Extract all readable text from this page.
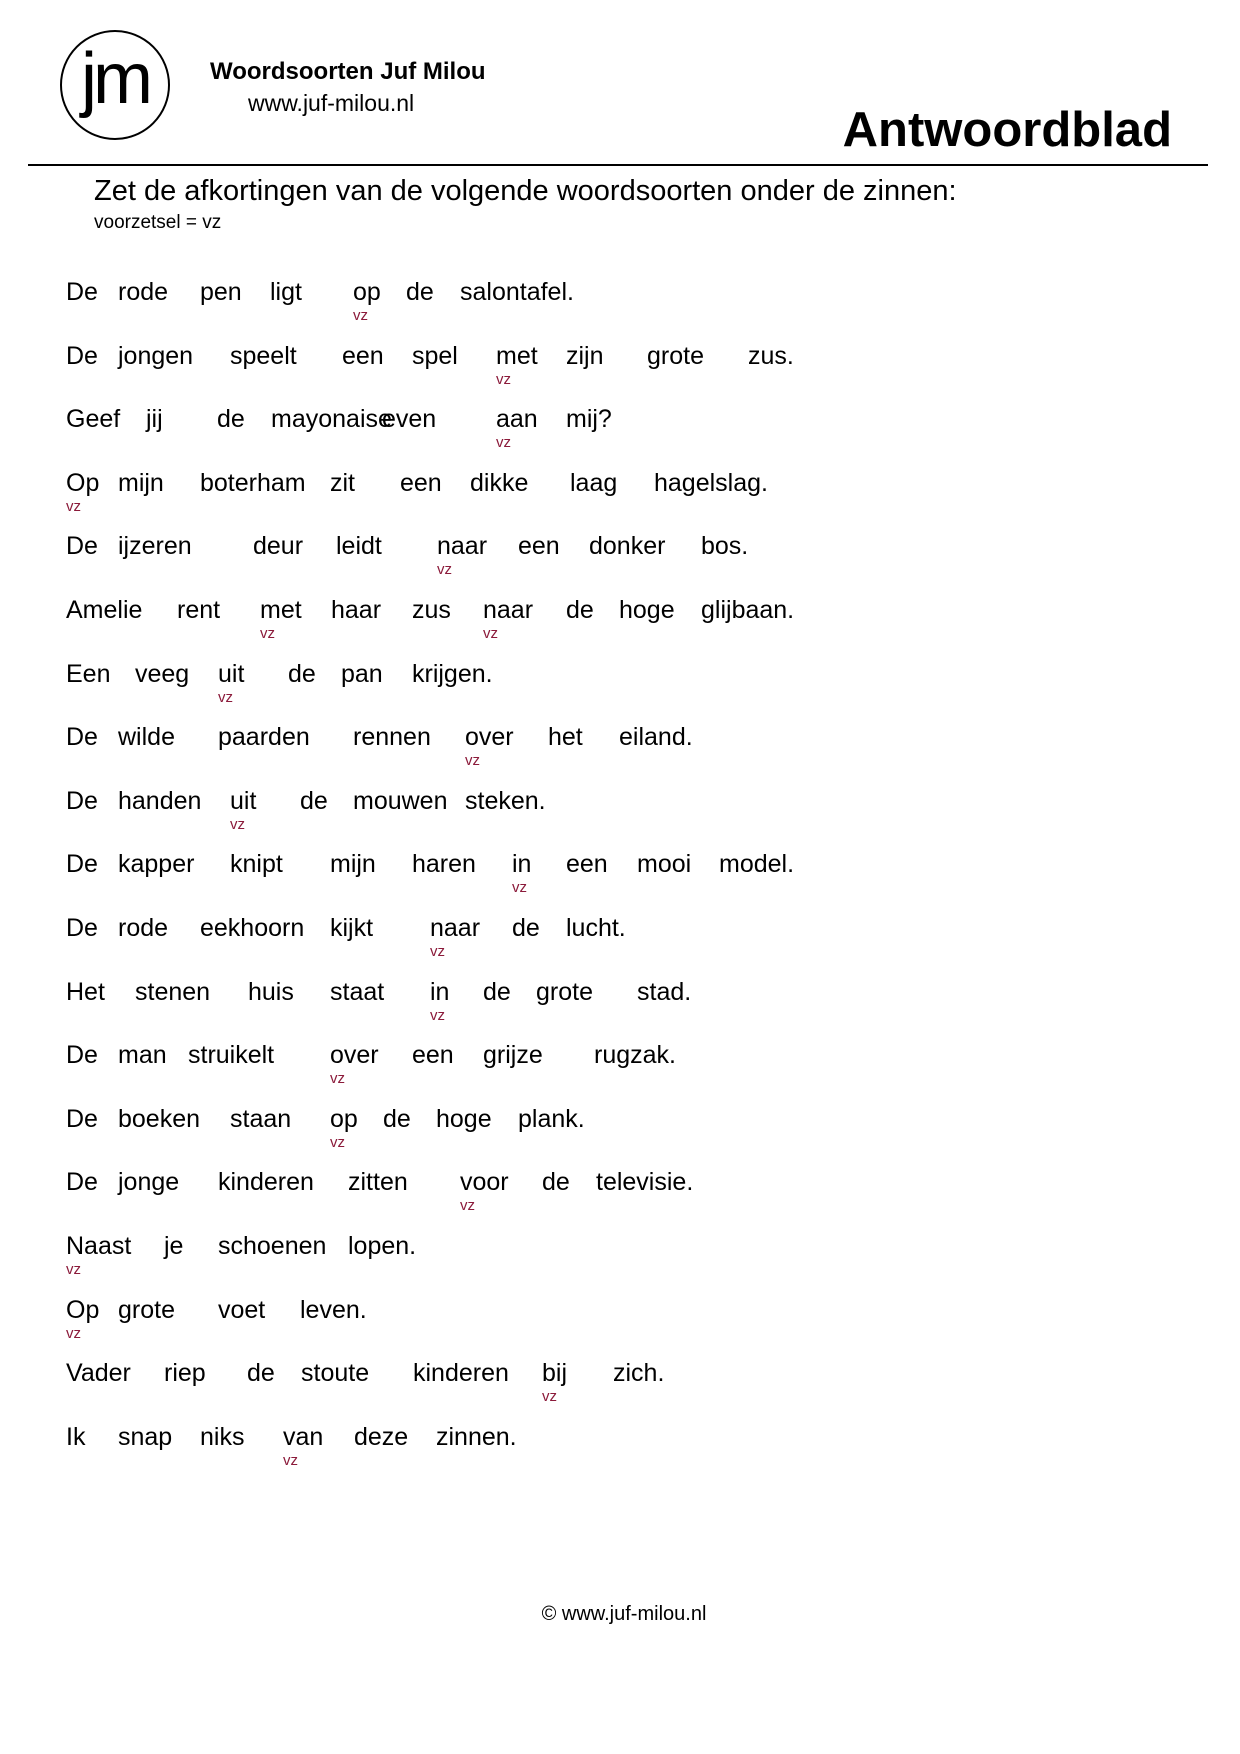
jm	Woordsoorten Juf Milou
www.juf-milou.nl	Antwoordblad
Zet de afkortingen van de volgende woordsoorten onder de zinnen:
voorzetsel = vz
De rode pen ligt op
vz
de salontafel.
De jongen speelt een spel met
vz
zijn grote zus.
Geef jij de mayonaise
even aan
vz
mij?
Op
vz
mijn boterham zit een dikke laag hagelslag.
De ijzeren deur leidt naar
vz
een donker bos.
Amelie rent met
vz
haar zus naar
vz
de hoge glijbaan.
Een veeg uit
vz
de pan krijgen.
De wilde paarden rennen over
vz
het eiland.
De handen uit
vz
de mouwen steken.
De kapper knipt mijn haren in
vz
een mooi model.
De rode eekhoorn kijkt naar
vz
de lucht.
Het stenen huis staat in
vz
de grote stad.
De man struikelt over
vz
een grijze rugzak.
De boeken staan op
vz
de hoge plank.
De jonge kinderen zitten voor
vz
de televisie.
Naast
vz
je schoenen lopen.
Op
vz
grote voet leven.
Vader riep de stoute kinderen bij
vz
zich.
Ik snap niks van
vz
deze zinnen.
© www.juf-milou.nl
